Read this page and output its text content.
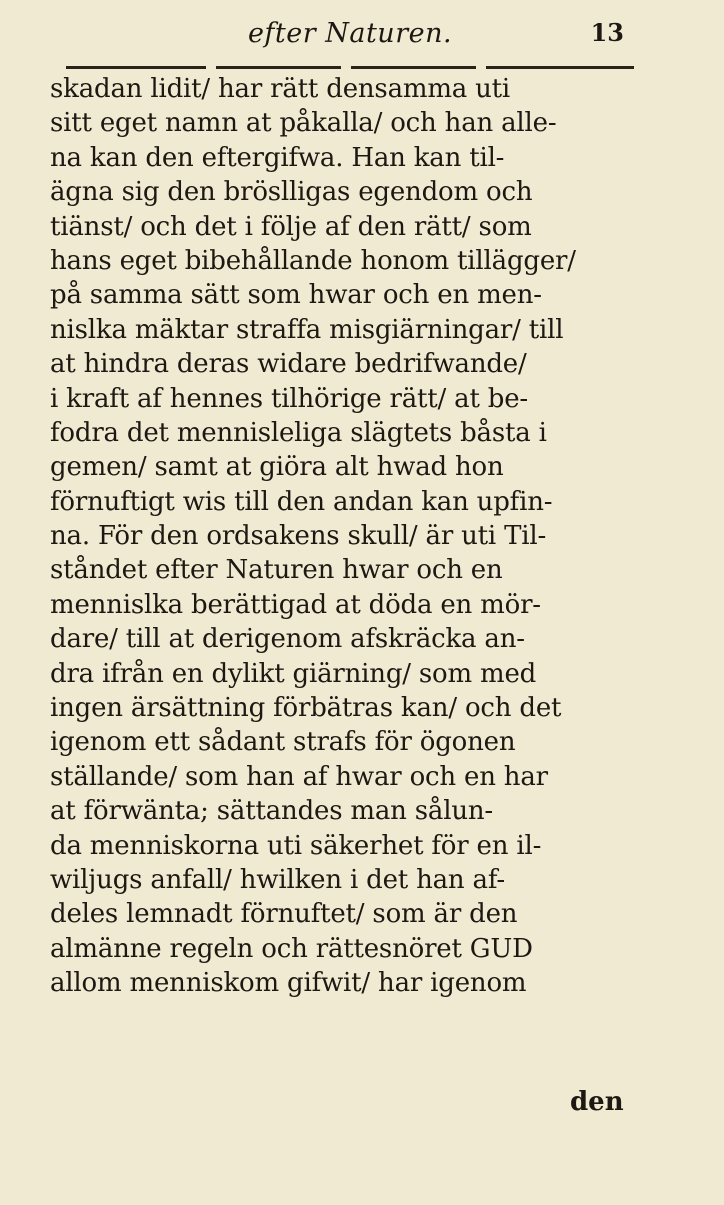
efter Naturen.	13
skadan lidit/ har rätt densamma uti
sitt eget namn at påkalla/ och han alle-
na kan den eftergifwa. Han kan til-
ägna sig den bröslligas egendom och
tiänst/ och det i följe af den rätt/ som
hans eget bibehållande honom tillägger/
på samma sätt som hwar och en men-
nislka mäktar straffa misgiärningar/ till
at hindra deras widare bedrifwande/
i kraft af hennes tilhörige rätt/ at be-
fodra det mennisleliga slägtets båsta i
gemen/ samt at giöra alt hwad hon
förnuftigt wis till den andan kan upfin-
na. För den ordsakens skull/ är uti Til-
ståndet efter Naturen hwar och en
mennislka berättigad at döda en mör-
dare/ till at derigenom afskräcka an-
dra ifrån en dylikt giärning/ som med
ingen ärsättning förbätras kan/ och det
igenom ett sådant strafs för ögonen
ställande/ som han af hwar och en har
at förwänta; sättandes man sålun-
da menniskorna uti säkerhet för en il-
wiljugs anfall/ hwilken i det han af-
deles lemnadt förnuftet/ som är den
almänne regeln och rättesnöret GUD
allom menniskom gifwit/ har igenom
den
